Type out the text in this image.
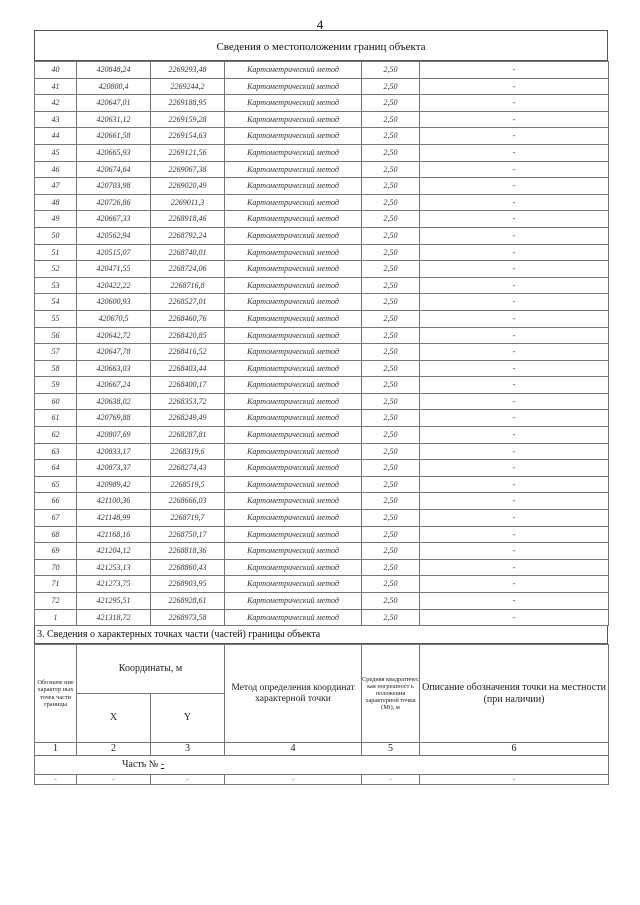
4
Сведения о местоположении границ объекта
40	420848,24	2269293,48	Картометрический метод	2,50	-
41	420800,4	2269244,2	Картометрический метод	2,50	-
42	420647,01	2269188,95	Картометрический метод	2,50	-
43	420631,12	2269159,28	Картометрический метод	2,50	-
44	420661,58	2269154,63	Картометрический метод	2,50	-
45	420665,93	2269121,56	Картометрический метод	2,50	-
46	420674,64	2269067,38	Картометрический метод	2,50	-
47	420703,98	2269020,49	Картометрический метод	2,50	-
48	420726,86	2269011,3	Картометрический метод	2,50	-
49	420667,33	2268918,46	Картометрический метод	2,50	-
50	420562,94	2268792,24	Картометрический метод	2,50	-
51	420515,07	2268740,01	Картометрический метод	2,50	-
52	420471,55	2268724,06	Картометрический метод	2,50	-
53	420422,22	2268716,8	Картометрический метод	2,50	-
54	420600,93	2268527,01	Картометрический метод	2,50	-
55	420670,5	2268460,76	Картометрический метод	2,50	-
56	420642,72	2268420,85	Картометрический метод	2,50	-
57	420647,78	2268416,52	Картометрический метод	2,50	-
58	420663,03	2268403,44	Картометрический метод	2,50	-
59	420667,24	2268400,17	Картометрический метод	2,50	-
60	420638,02	2268353,72	Картометрический метод	2,50	-
61	420769,88	2268249,49	Картометрический метод	2,50	-
62	420807,69	2268287,81	Картометрический метод	2,50	-
63	420833,17	2268319,6	Картометрический метод	2,50	-
64	420873,37	2268274,43	Картометрический метод	2,50	-
65	420989,42	2268519,5	Картометрический метод	2,50	-
66	421100,36	2268666,03	Картометрический метод	2,50	-
67	421148,99	2268719,7	Картометрический метод	2,50	-
68	421168,16	2268750,17	Картометрический метод	2,50	-
69	421204,12	2268818,36	Картометрический метод	2,50	-
70	421253,13	2268860,43	Картометрический метод	2,50	-
71	421273,75	2268903,95	Картометрический метод	2,50	-
72	421295,51	2268928,61	Картометрический метод	2,50	-
1	421318,72	2268973,58	Картометрический метод	2,50	-
3. Сведения о характерных точках части (частей) границы объекта
Обозначе ние характер ных точек части границы	Координаты, м		Метод определения координат характерной точки	Средняя квадратичес кая погрешност ь положения характерной точки (Mt), м	Описание обозначения точки на местности (при наличии)
	X	Y			
1	2	3	4	5	6
Часть № -					
-	-	-	-	-	-
